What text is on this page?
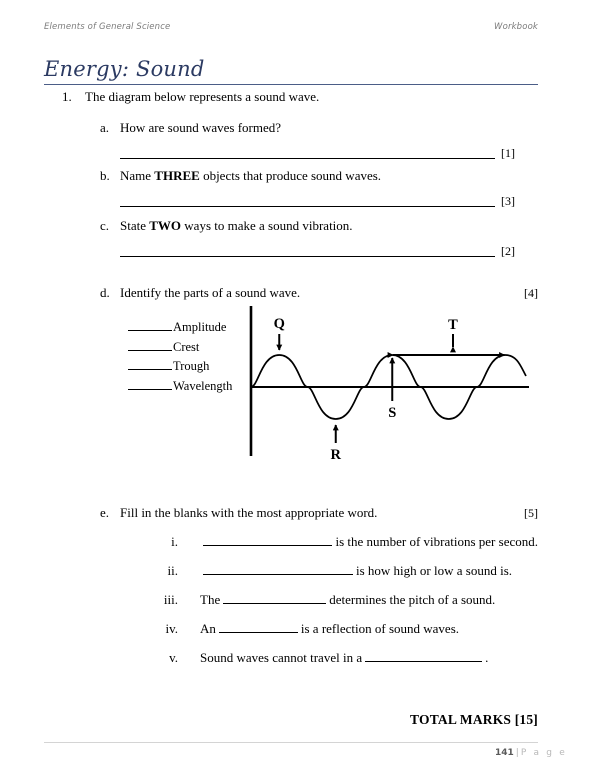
Elements of General Science	Workbook
Energy: Sound
1. The diagram below represents a sound wave.
a. How are sound waves formed?
[1]
b. Name THREE objects that produce sound waves.
[3]
c. State TWO ways to make a sound vibration.
[2]
d. Identify the parts of a sound wave.	[4]
Amplitude
Crest
Trough
Wavelength
Q
R
S
T
e. Fill in the blanks with the most appropriate word.	[5]
i.	is the number of vibrations per second.
ii.	is how high or low a sound is.
iii.	The	determines the pitch of a sound.
iv.	An	is a reflection of sound waves.
v.	Sound waves cannot travel in a	.
TOTAL MARKS [15]
141 | P a g e
